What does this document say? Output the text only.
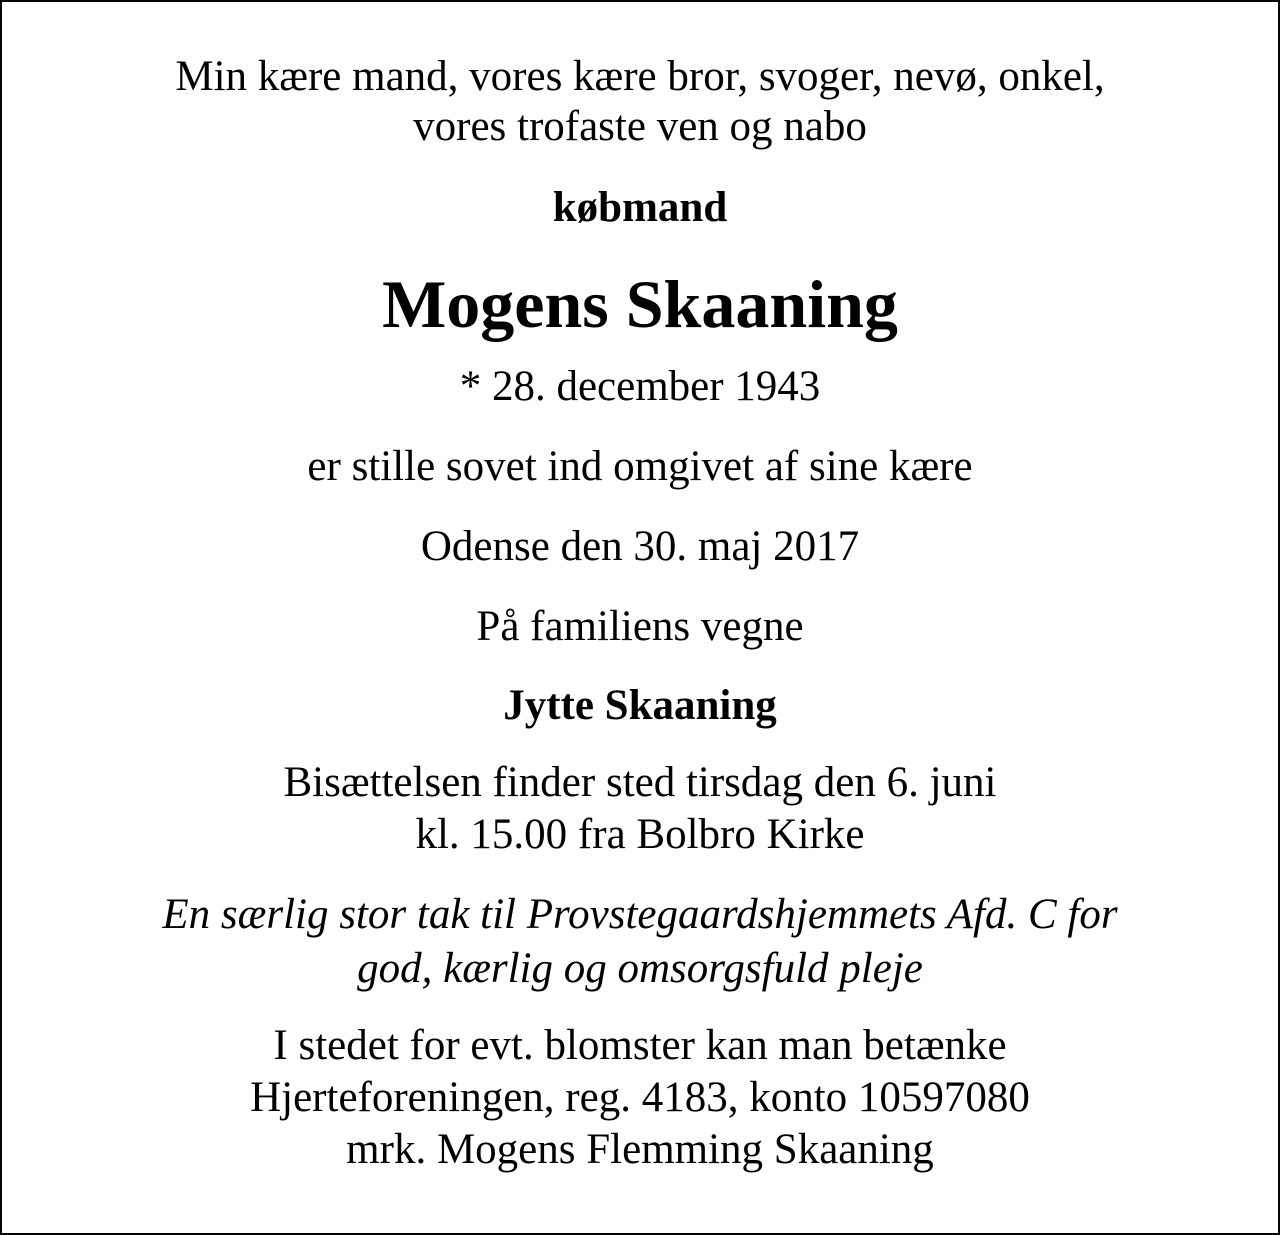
Min kære mand, vores kære bror, svoger, nevø, onkel,
vores trofaste ven og nabo
købmand
Mogens Skaaning
* 28. december 1943
er stille sovet ind omgivet af sine kære
Odense den 30. maj 2017
På familiens vegne
Jytte Skaaning
Bisættelsen finder sted tirsdag den 6. juni
kl. 15.00 fra Bolbro Kirke
En særlig stor tak til Provstegaardshjemmets Afd. C for
god, kærlig og omsorgsfuld pleje
I stedet for evt. blomster kan man betænke
Hjerteforeningen, reg. 4183, konto 10597080
mrk. Mogens Flemming Skaaning
